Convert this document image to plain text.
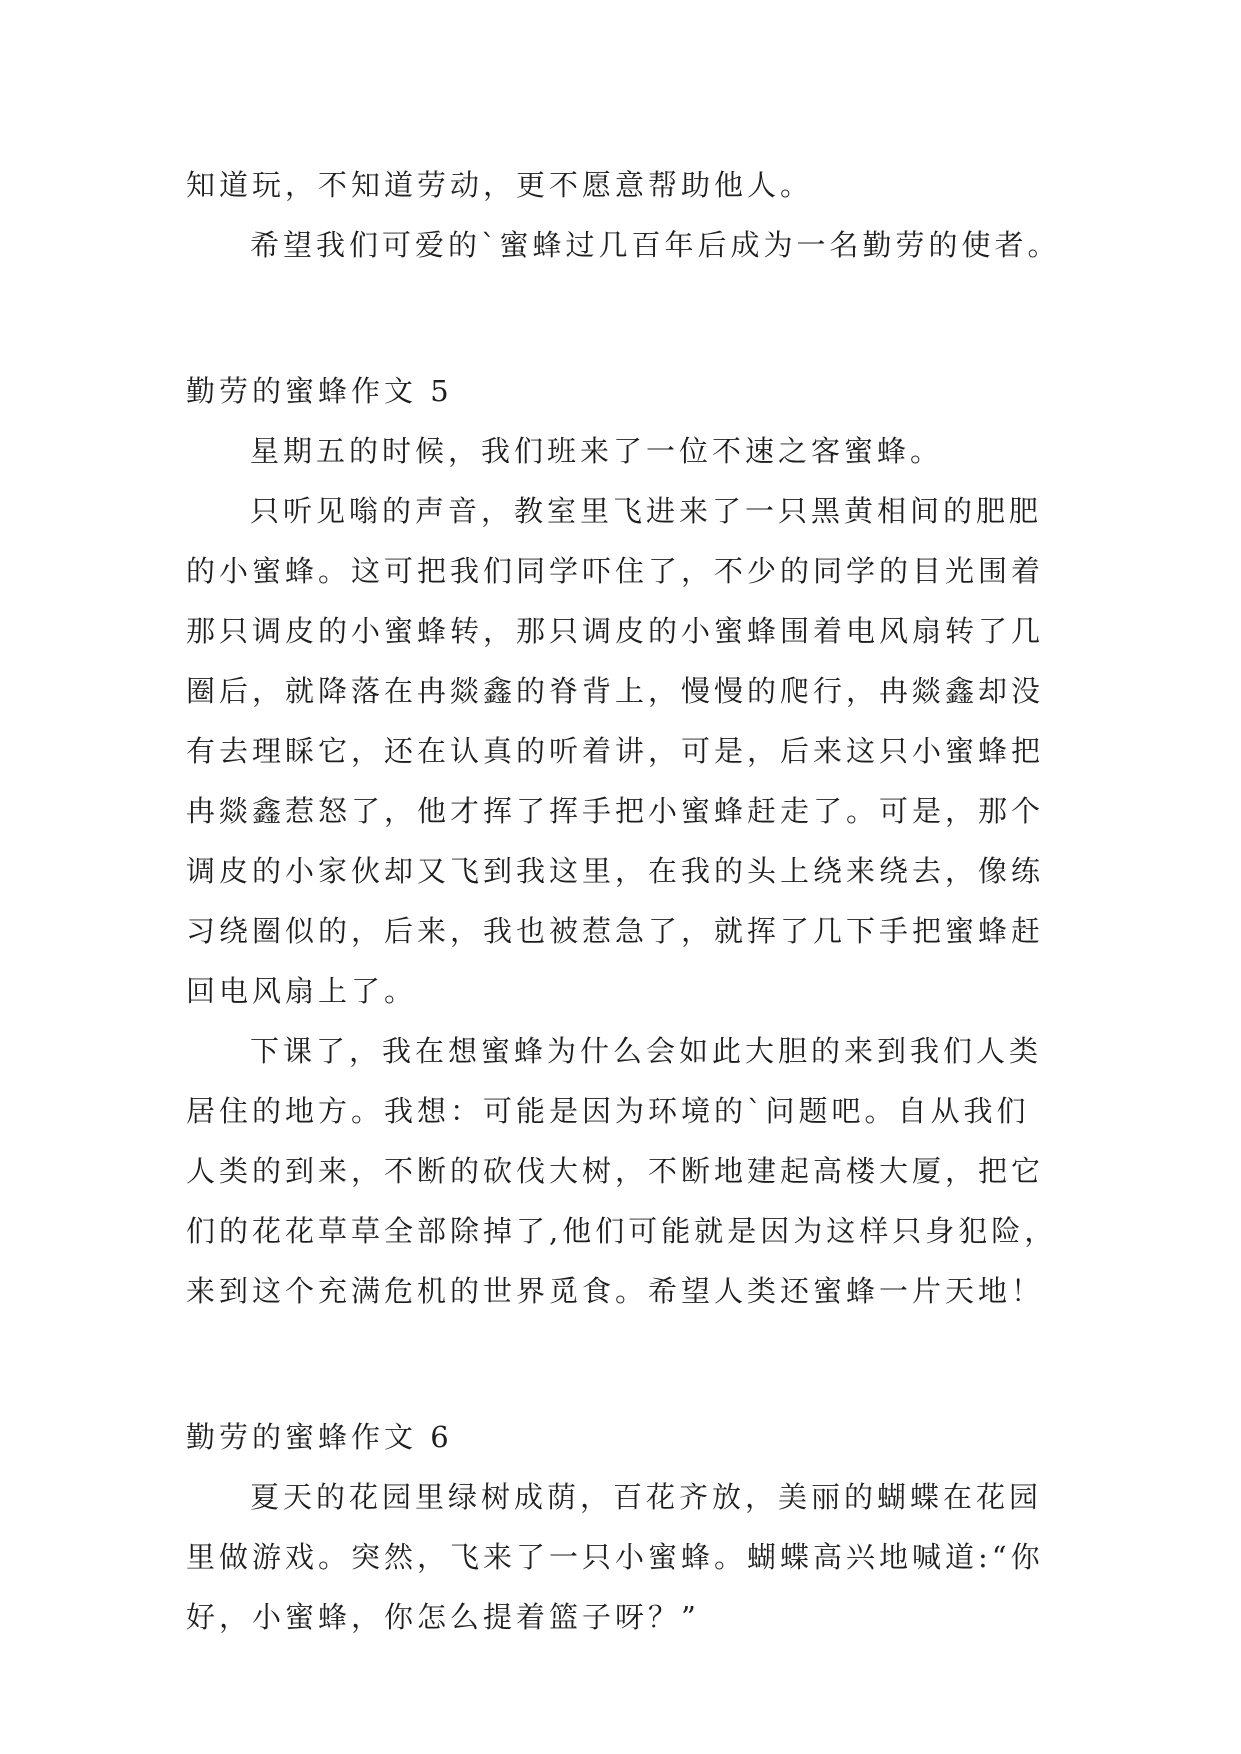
知道玩，不知道劳动，更不愿意帮助他人。
希望我们可爱的`蜜蜂过几百年后成为一名勤劳的使者。
勤劳的蜜蜂作文 5
星期五的时候，我们班来了一位不速之客蜜蜂。
只听见嗡的声音，教室里飞进来了一只黑黄相间的肥肥
的小蜜蜂。这可把我们同学吓住了，不少的同学的目光围着
那只调皮的小蜜蜂转，那只调皮的小蜜蜂围着电风扇转了几
圈后，就降落在冉燚鑫的脊背上，慢慢的爬行，冉燚鑫却没
有去理睬它，还在认真的听着讲，可是，后来这只小蜜蜂把
冉燚鑫惹怒了，他才挥了挥手把小蜜蜂赶走了。可是，那个
调皮的小家伙却又飞到我这里，在我的头上绕来绕去，像练
习绕圈似的，后来，我也被惹急了，就挥了几下手把蜜蜂赶
回电风扇上了。
下课了，我在想蜜蜂为什么会如此大胆的来到我们人类
居住的地方。我想：可能是因为环境的`问题吧。自从我们
人类的到来，不断的砍伐大树，不断地建起高楼大厦，把它
们的花花草草全部除掉了,他们可能就是因为这样只身犯险，
来到这个充满危机的世界觅食。希望人类还蜜蜂一片天地！
勤劳的蜜蜂作文 6
夏天的花园里绿树成荫，百花齐放，美丽的蝴蝶在花园
里做游戏。突然，飞来了一只小蜜蜂。蝴蝶高兴地喊道:“你
好，小蜜蜂，你怎么提着篮子呀？”
